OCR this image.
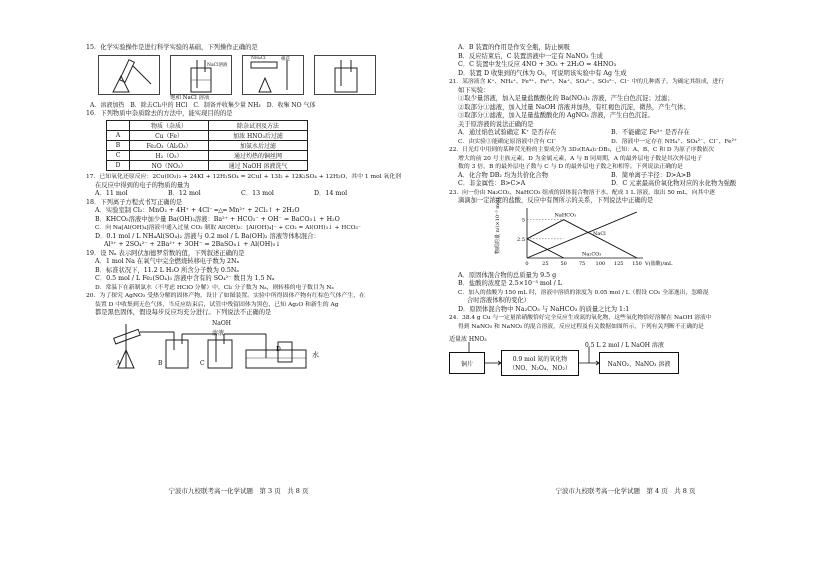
15．化学实验操作是进行科学实验的基础，下列操作正确的是
NaCl溶液
NH₄Cl	棉花
饱和 NaCl 溶液
A．溶液加热 B．除去Cl₂中的 HCl C．制备并收集少量 NH₃ D．收集 NO 气体
16．下列物质中杂质除去的方法中，能实现目的的是
	物质（杂质）	除杂试剂及方法
A	Cu（Fe）	加浓 HNO₃后过滤
B	Fe₂O₃（Al₂O₃）	加氨水后过滤
C	H₂（O₂）	通过灼热的铜丝网
D	NO（NO₂）	通过 NaOH 溶液洗气
17．已知氧化还原反应：2Cu(IO₃)₂ + 24KI + 12H₂SO₄ = 2CuI + 13I₂ + 12K₂SO₄ + 12H₂O，其中 1 mol 氧化剂
在反应中得到的电子的物质的量为
A．11 mol	B．12 mol	C．13 mol	D．14 mol
18．下列离子方程式书写正确的是
A．实验室制 Cl₂：MnO₂ + 4H⁺ + 4Cl⁻ ═△═ Mn²⁺ + 2Cl₂↑ + 2H₂O
B．KHCO₃溶液中加少量 Ba(OH)₂溶液：Ba²⁺ + HCO₃⁻ + OH⁻ = BaCO₃↓ + H₂O
C．向 Na[Al(OH)₄]溶液中通入过量 CO₂ 制取 Al(OH)₃：[Al(OH)₄]⁻ + CO₂ = Al(OH)₃↓ + HCO₃⁻
D．0.1 mol / L NH₄Al(SO₄)₂ 溶液与 0.2 mol / L Ba(OH)₂ 溶液等体积混合：
Al³⁺ + 2SO₄²⁻ + 2Ba²⁺ + 3OH⁻ = 2BaSO₄↓ + Al(OH)₃↓
19．设 Nₐ 表示阿伏加德罗常数的值，下列叙述正确的是
A．1 mol Na 在氧气中完全燃烧转移电子数为 2Nₐ
B．标准状况下，11.2 L H₂O 所含分子数为 0.5Nₐ
C．0.5 mol / L Fe₂(SO₄)₃ 溶液中含有的 SO₄²⁻ 数目为 1.5 Nₐ
D．常温下在新制氯水（不考虑 HClO 分解）中，Cl₂ 分子数为 Nₐ，则转移的电子数目为 Nₐ
20．为了探究 AgNO₃ 受热分解的固体产物，设计了如图装置。实验中所得固体产物有红棕色气体产生，在
装置 D 中收集到无色气体，当反应结束后，试管中残留固体为黑色，已知 Ag₂O 和新生的 Ag
都是黑色固体，假设每步反应均充分进行。下列说法不正确的是
A	B	C
D
NaOH
溶液
水
宁波市九校联考高一化学试题　第 3 页　共 8 页
A．B 装置的作用是作安全瓶，防止倒吸
B．反应结束后，C 装置溶液中一定有 NaNO₃ 生成
C．C 装置中发生反应 4NO + 3O₂ + 2H₂O = 4HNO₃
D．装置 D 收集到的气体为 O₂，可说明该实验中有 Ag 生成
21．某溶液含 K⁺、NH₄⁺、Fe³⁺、Fe²⁺、Na⁺、SO₄²⁻、SO₃²⁻、Cl⁻ 中的几种离子，为确定其组成，进行
如下实验：
①取少量溶液，加入足量盐酸酸化的 Ba(NO₃)₂ 溶液，产生白色沉淀；过滤；
②取部分①滤液，加入过量 NaOH 溶液并加热，有红褐色沉淀，微热，产生气体；
③取部分①滤液，加入足量盐酸酸化的 AgNO₃ 溶液，产生白色沉淀。
关于原溶液的说法正确的是
A．通过焰色试验确定 K⁺ 是否存在	B．不能确定 Fe³⁺ 是否存在
C．由实验①能确定原溶液中含有 Cl⁻	D．溶液中一定存在 NH₄⁺、SO₄²⁻、Cl⁻、Fe²⁺
22．日光灯中用到的某种荧光粉的主要成分为 3D₃(EA₄)₂·DB₂，已知：A、B、C 和 D 为原子序数依次
增大的前 20 号主族元素，D 为金属元素，A 与 B 同周期，A 的最外层电子数是其次外层电子
数的 3 倍，B 的最外层电子数与 C 与 D 的最外层电子数之和相等。下列说法正确的是
A．化合物 DB₂ 均为共价化合物	B．简单离子半径：D>A>B
C．非金属性：B>C>A	D．C 元素最高价氧化物对应的水化物为强酸
23．向一份由 Na₂CO₃、NaHCO₃ 组成的固体混合物溶于水，配成 1 L 溶液，取出 50 mL，向其中逐
滴滴加一定浓度的盐酸，反应中有图所示的关系，下列说法中正确的是
0	25 50 75 100 125 150
2.5
5
V(盐酸)/mL
物质的量 n/(×10⁻³ mol)	NaHCO₃
Na₂CO₃
NaCl
A．原固体混合物的总质量为 9.5 g
B．盐酸的浓度是 2.5×10⁻³ mol / L
C．加入的盐酸为 150 mL 时，溶液中溶质的浓度为 0.05 mol / L（假设 CO₂ 全部逸出，忽略混
合时溶液体积的变化）
D．原固体混合物中 Na₂CO₃ 与 NaHCO₃ 的质量之比为 1:1
24．38.4 g Cu 与一定量浓硝酸恰好完全反应生成氮的氧化物，这些氧化物恰好溶解在 NaOH 溶液中
得到 NaNO₃ 和 NaNO₂ 的混合溶液，反应过程及有关数据如图所示，下列有关判断不正确的是
适量浓 HNO₃
0.5 L 2 mol / L NaOH 溶液
铜片
0.9 mol 氮的氧化物
（NO、N₂O₄、NO₂）
NaNO₂、NaNO₃ 溶液
宁波市九校联考高一化学试题　第 4 页　共 8 页
